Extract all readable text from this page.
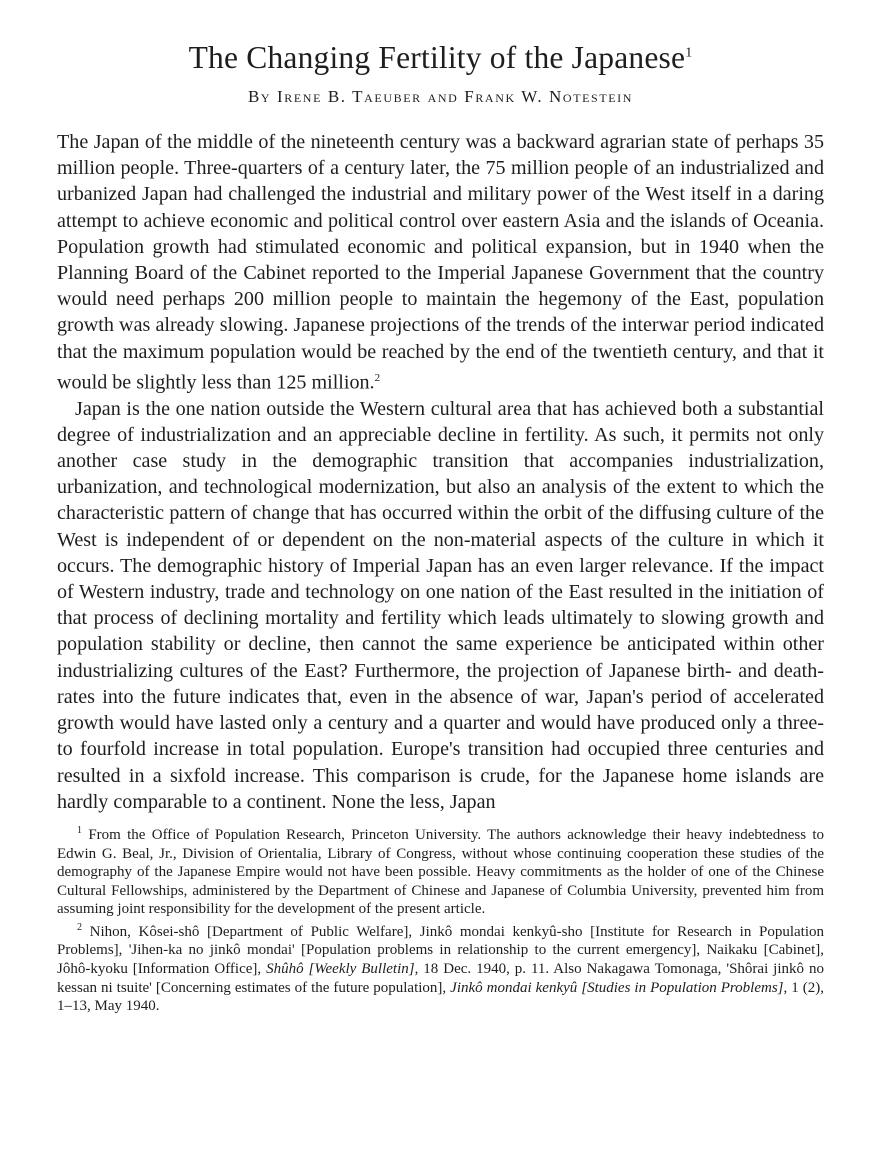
The Changing Fertility of the Japanese$^1$
By Irene B. Taeuber and Frank W. Notestein

The Japan of the middle of the nineteenth century was a backward agrarian state of perhaps 35 million people. Three-quarters of a century later, the 75 million people of an industrialized and urbanized Japan had challenged the industrial and military power of the West itself in a daring attempt to achieve economic and political control over eastern Asia and the islands of Oceania. Population growth had stimulated economic and political expansion, but in 1940 when the Planning Board of the Cabinet reported to the Imperial Japanese Government that the country would need perhaps 200 million people to maintain the hegemony of the East, population growth was already slowing. Japanese projections of the trends of the interwar period indicated that the maximum population would be reached by the end of the twentieth century, and that it would be slightly less than 125 million.$^2$

Japan is the one nation outside the Western cultural area that has achieved both a substantial degree of industrialization and an appreciable decline in fertility. As such, it permits not only another case study in the demographic transition that accompanies industrialization, urbanization, and technological modernization, but also an analysis of the extent to which the characteristic pattern of change that has occurred within the orbit of the diffusing culture of the West is independent of or dependent on the non-material aspects of the culture in which it occurs. The demographic history of Imperial Japan has an even larger relevance. If the impact of Western industry, trade and technology on one nation of the East resulted in the initiation of that process of declining mortality and fertility which leads ultimately to slowing growth and population stability or decline, then cannot the same experience be anticipated within other industrializing cultures of the East? Furthermore, the projection of Japanese birth- and death-rates into the future indicates that, even in the absence of war, Japan's period of accelerated growth would have lasted only a century and a quarter and would have produced only a three- to fourfold increase in total population. Europe's transition had occupied three centuries and resulted in a sixfold increase. This comparison is crude, for the Japanese home islands are hardly comparable to a continent. None the less, Japan

$^1$ From the Office of Population Research, Princeton University. The authors acknowledge their heavy indebtedness to Edwin G. Beal, Jr., Division of Orientalia, Library of Congress, without whose continuing cooperation these studies of the demography of the Japanese Empire would not have been possible. Heavy commitments as the holder of one of the Chinese Cultural Fellowships, administered by the Department of Chinese and Japanese of Columbia University, prevented him from assuming joint responsibility for the development of the present article.

$^2$ Nihon, Kôsei-shô [Department of Public Welfare], Jinkô mondai kenkyû-sho [Institute for Research in Population Problems], 'Jihen-ka no jinkô mondai' [Population problems in relationship to the current emergency], Naikaku [Cabinet], Jôhô-kyoku [Information Office], Shûhô [Weekly Bulletin], 18 Dec. 1940, p. 11. Also Nakagawa Tomonaga, 'Shôrai jinkô no kessan ni tsuite' [Concerning estimates of the future population], Jinkô mondai kenkyû [Studies in Population Problems], 1 (2), 1–13, May 1940.
